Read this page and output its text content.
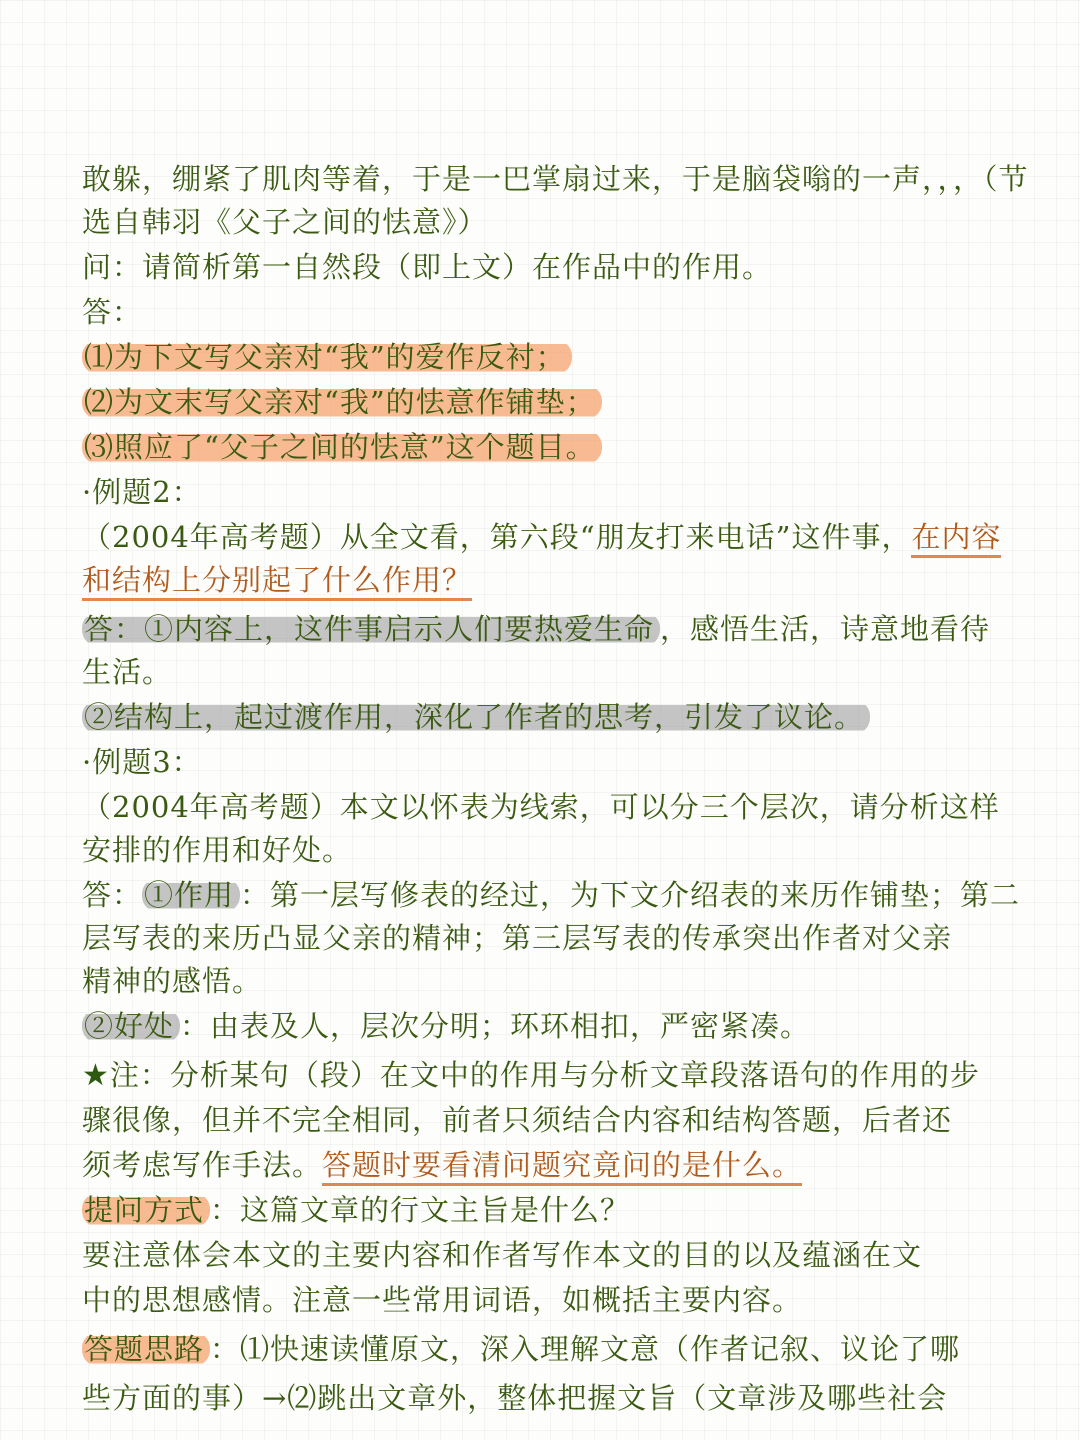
敢躲，绷紧了肌肉等着，于是一巴掌扇过来，于是脑袋嗡的一声，，，（节
选自韩羽《父子之间的怯意》）
问：请简析第一自然段（即上文）在作品中的作用。
答：
⑴为下文写父亲对“我”的爱作反衬；
⑵为文末写父亲对“我”的怯意作铺垫；
⑶照应了“父子之间的怯意”这个题目。
·例题2：
（2004年高考题）从全文看，第六段“朋友打来电话”这件事，在内容
和结构上分别起了什么作用？
答：①内容上，这件事启示人们要热爱生命 ，感悟生活，诗意地看待
生活。
②结构上，起过渡作用，深化了作者的思考，引发了议论。
·例题3：
（2004年高考题）本文以怀表为线索，可以分三个层次，请分析这样
安排的作用和好处。
答：①作用 ：第一层写修表的经过，为下文介绍表的来历作铺垫；第二
层写表的来历凸显父亲的精神；第三层写表的传承突出作者对父亲
精神的感悟。
②好处 ：由表及人，层次分明；环环相扣，严密紧凑。
★注：分析某句（段）在文中的作用与分析文章段落语句的作用的步
骤很像，但并不完全相同，前者只须结合内容和结构答题，后者还
须考虑写作手法。答题时要看清问题究竟问的是什么。
提问方式 ：这篇文章的行文主旨是什么？
要注意体会本文的主要内容和作者写作本文的目的以及蕴涵在文
中的思想感情。注意一些常用词语，如概括主要内容。
答题思路 ：⑴快速读懂原文，深入理解文意（作者记叙、议论了哪
些方面的事）→⑵跳出文章外，整体把握文旨（文章涉及哪些社会
